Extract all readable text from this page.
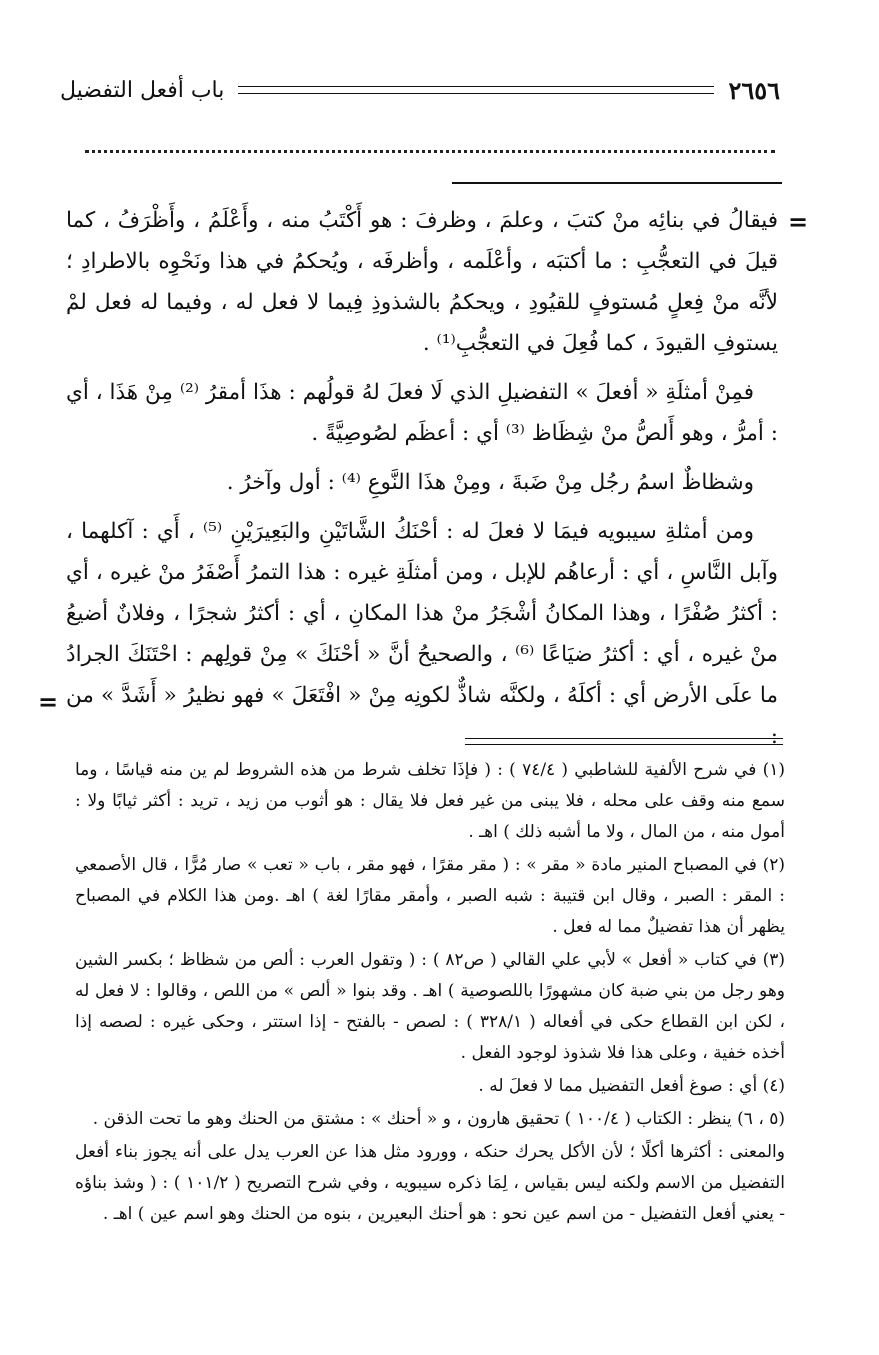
٢٦٥٦
باب أفعل التفضيل
=
=

فيقالُ في بنائِه منْ كتبَ ، وعلمَ ، وظرفَ : هو أَكْتَبُ منه ، وأَعْلَمُ ، وأَظْرَفُ ، كما قيلَ في التعجُّبِ : ما أكتبَه ، وأعْلَمه ، وأظرفَه ، ويُحكمُ في هذا ونَحْوِه بالاطرادِ ؛ لأنَّه منْ فِعلٍ مُستوفٍ للقيُودِ ، ويحكمُ بالشذوذِ فِيما لا فعل له ، وفيما له فعل لمْ يستوفِ القيودَ ، كما فُعِلَ في التعجُّبِ⁽¹⁾ .

فمِنْ أمثلَةِ « أفعلَ » التفضيلِ الذي لَا فعلَ لهُ قولُهم : هذَا أمقرُ ⁽²⁾ مِنْ هَذَا ، أي : أمرُّ ، وهو أَلصُّ منْ شِظَاظ ⁽³⁾ أي : أعظَم لصُوصِيَّةً .

وشظاظٌ اسمُ رجُل مِنْ ضَبةَ ، ومِنْ هذَا النَّوعِ ⁽⁴⁾ : أول وآخرُ .

ومن أمثلةِ سيبويه فيمَا لا فعلَ له : أحْنَكُ الشَّاتَيْنِ والبَعِيرَيْنِ ⁽⁵⁾ ، أَي : آكلهما ، وآبل النَّاسِ ، أي : أرعاهُم للإبل ، ومن أمثلَةِ غيره : هذا التمرُ أَصْفَرُ منْ غيره ، أي : أكثرُ صُفْرًا ، وهذا المكانُ أشْجَرُ منْ هذا المكانِ ، أي : أكثرُ شجرًا ، وفلانٌ أضيعُ منْ غيره ، أي : أكثرُ ضيَاعًا ⁽⁶⁾ ، والصحيحُ أنَّ « أحْنَكَ » مِنْ قولِهم : احْتَنَكَ الجرادُ ما علَى الأرض أي : أكلَهُ ، ولكنَّه شاذٌّ لكونِه مِنْ « افْتَعَلَ » فهو نظيرُ « أَشَدَّ » من :

(١) في شرح الألفية للشاطبي ( ٧٤/٤ ) : ( فإذَا تخلف شرط من هذه الشروط لم ين منه قياسًا ، وما سمع منه وقف على محله ، فلا يبنى من غير فعل فلا يقال : هو أثوب من زيد ، تريد : أكثر ثيابًا ولا : أمول منه ، من المال ، ولا ما أشبه ذلك ) اهـ .

(٢) في المصباح المنير مادة « مقر » : ( مقر مقرًا ، فهو مقر ، باب « تعب » صار مُرًّا ، قال الأصمعي : المقر : الصبر ، وقال ابن قتيبة : شبه الصبر ، وأمقر مقارًا لغة ) اهـ .ومن هذا الكلام في المصباح يظهر أن هذا تفضيلٌ مما له فعل .

(٣) في كتاب « أفعل » لأبي علي القالي ( ص٨٢ ) : ( وتقول العرب : ألص من شظاظ ؛ بكسر الشين وهو رجل من بني ضبة كان مشهورًا باللصوصية ) اهـ . وقد بنوا « ألص » من اللص ، وقالوا : لا فعل له ، لكن ابن القطاع حكى في أفعاله ( ٣٢٨/١ ) : لصص - بالفتح - إذا استتر ، وحكى غيره : لصصه إذا أخذه خفية ، وعلى هذا فلا شذوذ لوجود الفعل .

(٤) أي : صوغ أفعل التفضيل مما لا فعلَ له .

(٥ ، ٦) ينظر : الكتاب ( ١٠٠/٤ ) تحقيق هارون ، و « أحنك » : مشتق من الحنك وهو ما تحت الذقن .

والمعنى : أكثرها أكلًا ؛ لأن الأكل يحرك حنكه ، وورود مثل هذا عن العرب يدل على أنه يجوز بناء أفعل التفضيل من الاسم ولكنه ليس بقياس ، لِمَا ذكره سيبويه ، وفي شرح التصريح ( ١٠١/٢ ) : ( وشذ بناؤه - يعني أفعل التفضيل - من اسم عين نحو : هو أحنك البعيرين ، بنوه من الحنك وهو اسم عين ) اهـ .
